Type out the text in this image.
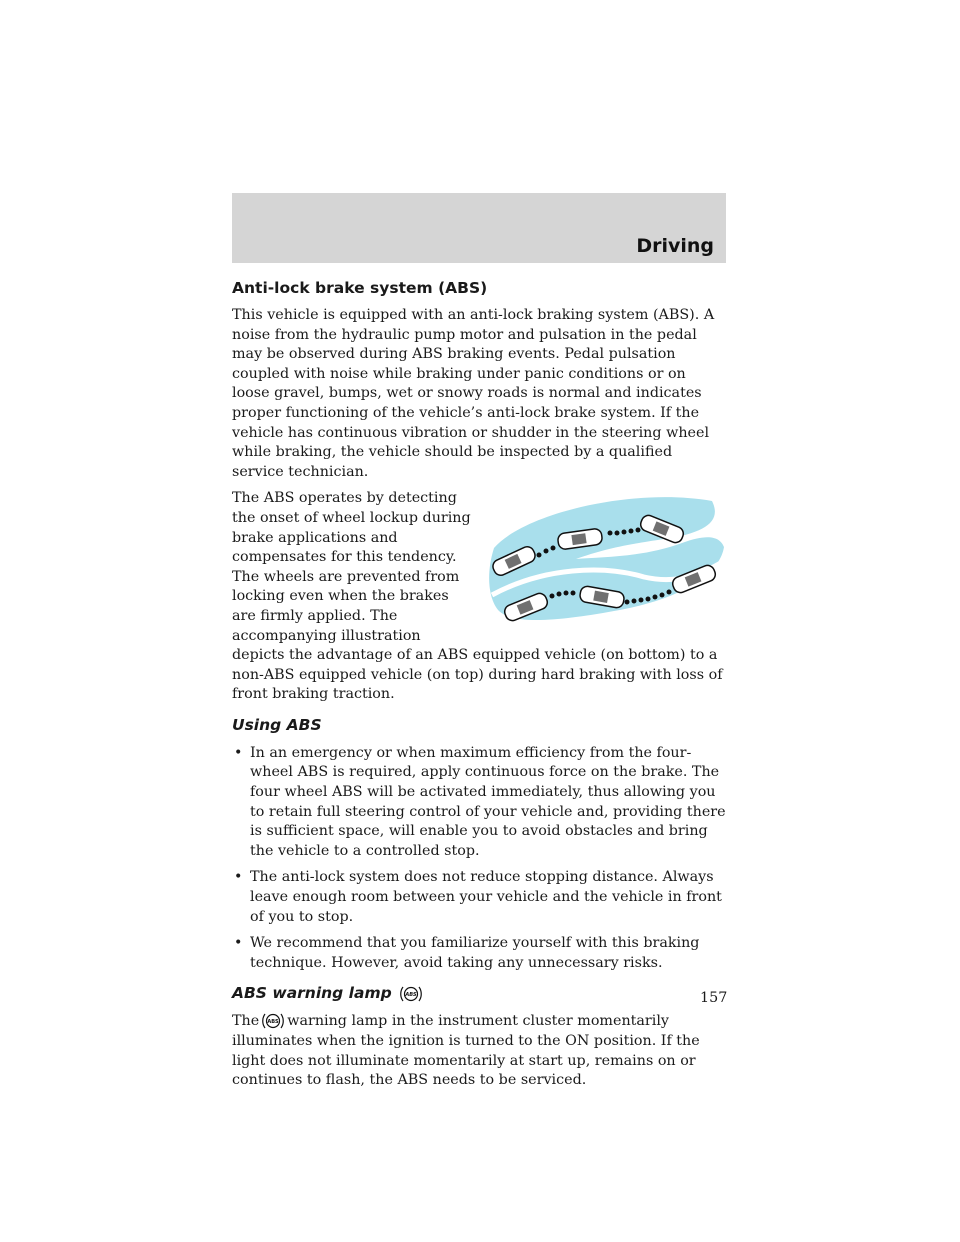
Driving
Anti-lock brake system (ABS)

This vehicle is equipped with an anti-lock braking system (ABS). A noise from the hydraulic pump motor and pulsation in the pedal may be observed during ABS braking events. Pedal pulsation coupled with noise while braking under panic conditions or on loose gravel, bumps, wet or snowy roads is normal and indicates proper functioning of the vehicle’s anti-lock brake system. If the vehicle has continuous vibration or shudder in the steering wheel while braking, the vehicle should be inspected by a qualified service technician.

The ABS operates by detecting the onset of wheel lockup during brake applications and compensates for this tendency. The wheels are prevented from locking even when the brakes are firmly applied. The accompanying illustration depicts the advantage of an ABS equipped vehicle (on bottom) to a non-ABS equipped vehicle (on top) during hard braking with loss of front braking traction.

Using ABS
• In an emergency or when maximum efficiency from the four-wheel ABS is required, apply continuous force on the brake. The four wheel ABS will be activated immediately, thus allowing you to retain full steering control of your vehicle and, providing there is sufficient space, will enable you to avoid obstacles and bring the vehicle to a controlled stop.
• The anti-lock system does not reduce stopping distance. Always leave enough room between your vehicle and the vehicle in front of you to stop.
• We recommend that you familiarize yourself with this braking technique. However, avoid taking any unnecessary risks.
ABS warning lamp	ABS

The ABS warning lamp in the instrument cluster momentarily illuminates when the ignition is turned to the ON position. If the light does not illuminate momentarily at start up, remains on or continues to flash, the ABS needs to be serviced.

157
